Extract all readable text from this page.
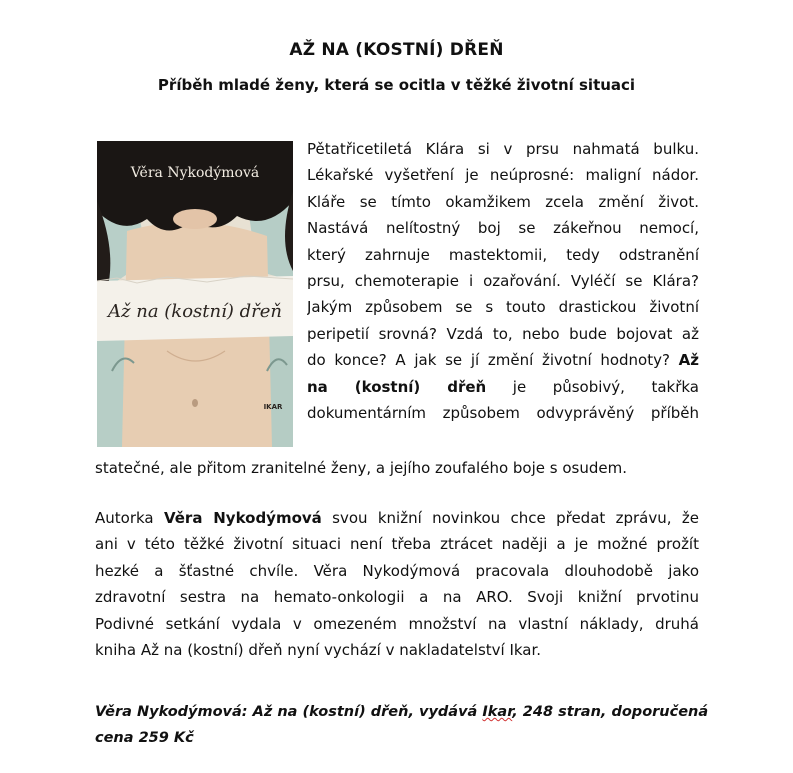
AŽ NA (KOSTNÍ) DŘEŇ
Příběh mladé ženy, která se ocitla v těžké životní situaci
Věra Nykodýmová
Až na (kostní) dřeň
IKAR
Pětatřicetiletá Klára si v prsu nahmatá bulku.
Lékařské vyšetření je neúprosné: maligní nádor.
Kláře se tímto okamžikem zcela změní život.
Nastává nelítostný boj se zákeřnou nemocí,
který zahrnuje mastektomii, tedy odstranění
prsu, chemoterapie i ozařování. Vyléčí se Klára?
Jakým způsobem se s touto drastickou životní
peripetií srovná? Vzdá to, nebo bude bojovat až
do konce? A jak se jí změní životní hodnoty? Až
na (kostní) dřeň je působivý, takřka
dokumentárním způsobem odvyprávěný příběh
statečné, ale přitom zranitelné ženy, a jejího zoufalého boje s osudem.
Autorka Věra Nykodýmová svou knižní novinkou chce předat zprávu, že
ani v této těžké životní situaci není třeba ztrácet naději a je možné prožít
hezké a šťastné chvíle. Věra Nykodýmová pracovala dlouhodobě jako
zdravotní sestra na hemato-onkologii a na ARO. Svoji knižní prvotinu
Podivné setkání vydala v omezeném množství na vlastní náklady, druhá
kniha Až na (kostní) dřeň nyní vychází v nakladatelství Ikar.
Věra Nykodýmová: Až na (kostní) dřeň, vydává Ikar, 248 stran, doporučená
cena 259 Kč
